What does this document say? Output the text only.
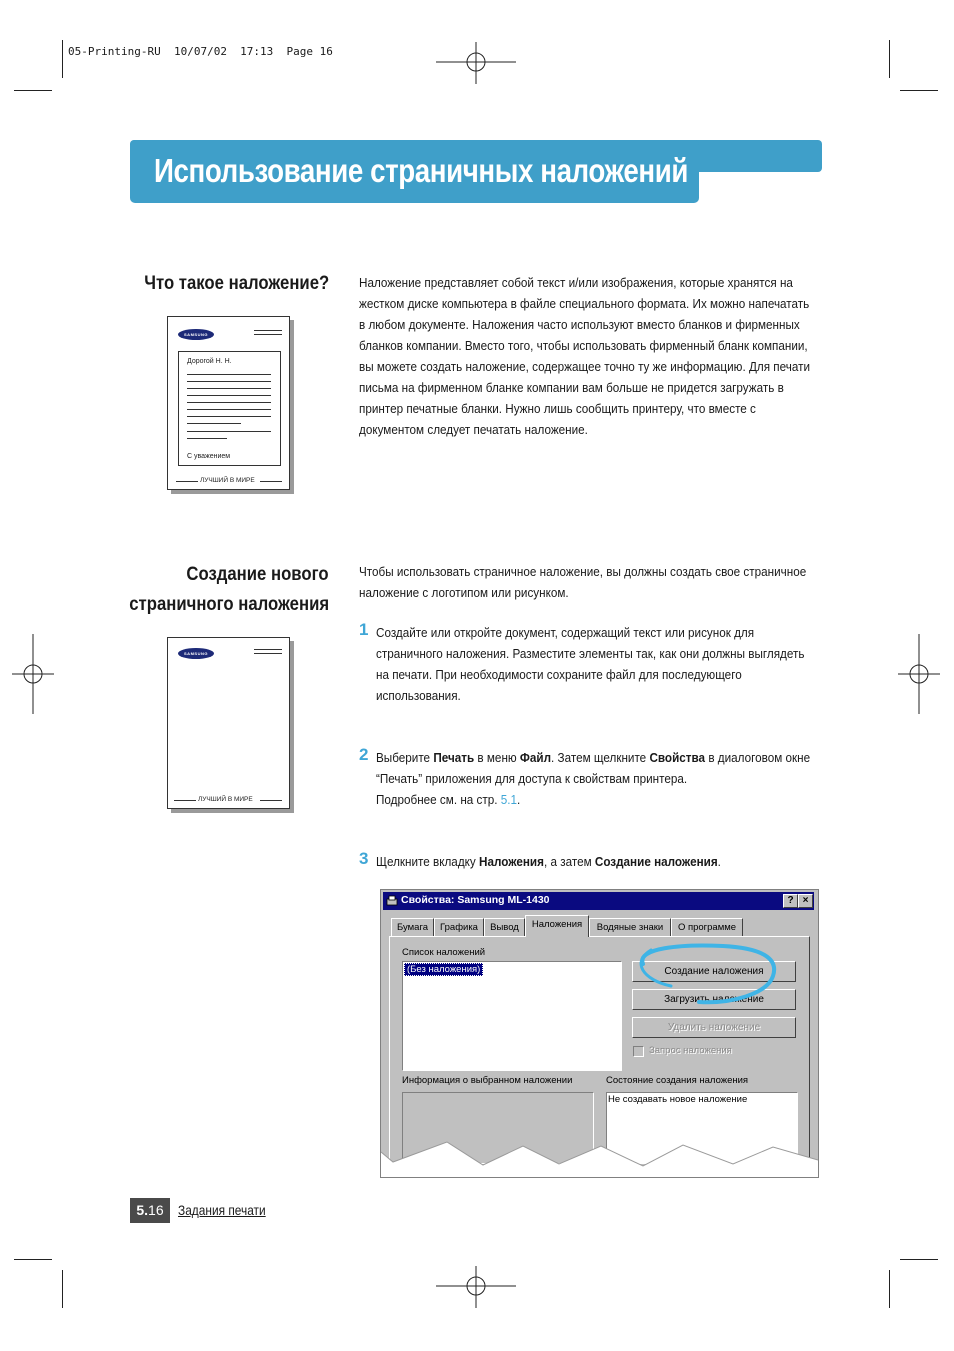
05-Printing-RU  10/07/02  17:13  Page 16
Использование страничных наложений
Что такое наложение? Наложение представляет собой текст и/или изображения, которые хранятся на
жестком диске компьютера в файле специального формата. Их можно напечатать
в любом документе. Наложения часто используют вместо бланков и фирменных
бланков компании. Вместо того, чтобы использовать фирменный бланк компании,
вы можете создать наложение, содержащее точно ту же информацию. Для печати
письма на фирменном бланке компании вам больше не придется загружать в
принтер печатные бланки. Нужно лишь сообщить принтеру, что вместе с
документом следует печатать наложение.
SAMSUNG
Дорогой Н. Н.
С уважением
ЛУЧШИЙ В МИРЕ
Создание нового
страничного наложения
Чтобы использовать страничное наложение, вы должны создать свое страничное
наложение с логотипом или рисунком.
SAMSUNG
ЛУЧШИЙ В МИРЕ
1 Создайте или откройте документ, содержащий текст или рисунок для
страничного наложения. Разместите элементы так, как они должны выглядеть
на печати. При необходимости сохраните файл для последующего
использования.
2 Выберите Печать в меню Файл. Затем щелкните Свойства в диалоговом окне
“Печать” приложения для доступа к свойствам принтера.
Подробнее см. на стр. 5.1.
3 Щелкните вкладку Наложения, а затем Создание наложения.
Свойства: Samsung ML-1430	? ×
Бумага	Графика	Вывод	Наложения	Водяные знаки	О программе
Список наложений
(Без наложения)	Создание наложения
Загрузить наложение
Удалить наложение
Запрос наложения
Информация о выбранном наложении	Состояние создания наложения
Не создавать новое наложение
5.16	Задания печати
